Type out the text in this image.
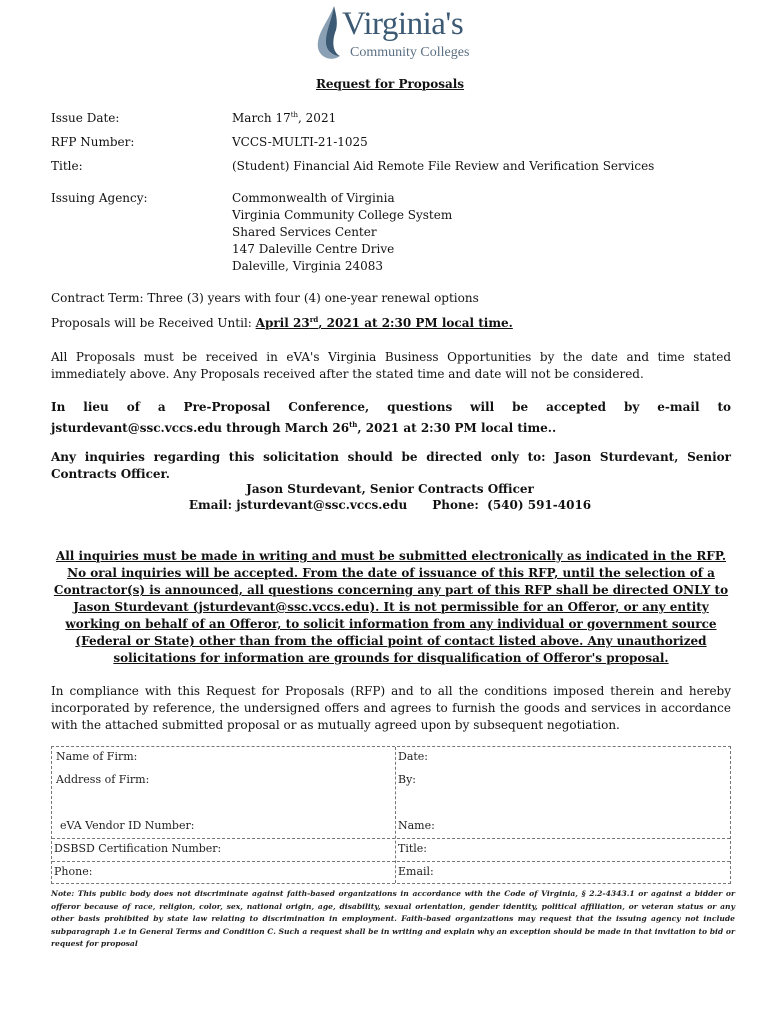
Virginia's
Community Colleges
Request for Proposals
Issue Date:	March 17th, 2021
RFP Number:	VCCS-MULTI-21-1025
Title:	(Student) Financial Aid Remote File Review and Verification Services
Issuing Agency:	Commonwealth of Virginia
Virginia Community College System
Shared Services Center
147 Daleville Centre Drive
Daleville, Virginia 24083
Contract Term: Three (3) years with four (4) one-year renewal options
Proposals will be Received Until: April 23rd, 2021 at 2:30 PM local time.
All Proposals must be received in eVA's Virginia Business Opportunities by the date and time stated immediately above. Any Proposals received after the stated time and date will not be considered.
In lieu of a Pre-Proposal Conference, questions will be accepted by e-mail to jsturdevant@ssc.vccs.edu through March 26th, 2021 at 2:30 PM local time..
Any inquiries regarding this solicitation should be directed only to: Jason Sturdevant, Senior Contracts Officer.
Jason Sturdevant, Senior Contracts Officer
Email: jsturdevant@ssc.vccs.edu      Phone:  (540) 591-4016
All inquiries must be made in writing and must be submitted electronically as indicated in the RFP. No oral inquiries will be accepted. From the date of issuance of this RFP, until the selection of a Contractor(s) is announced, all questions concerning any part of this RFP shall be directed ONLY to Jason Sturdevant (jsturdevant@ssc.vccs.edu). It is not permissible for an Offeror, or any entity working on behalf of an Offeror, to solicit information from any individual or government source (Federal or State) other than from the official point of contact listed above. Any unauthorized solicitations for information are grounds for disqualification of Offeror's proposal.
In compliance with this Request for Proposals (RFP) and to all the conditions imposed therein and hereby incorporated by reference, the undersigned offers and agrees to furnish the goods and services in accordance with the attached submitted proposal or as mutually agreed upon by subsequent negotiation.
Name of Firm:	Date:
Address of Firm:	By:
eVA Vendor ID Number:	Name:
DSBSD Certification Number:	Title:
Phone:	Email:
Note: This public body does not discriminate against faith-based organizations in accordance with the Code of Virginia, § 2.2-4343.1 or against a bidder or offeror because of race, religion, color, sex, national origin, age, disability, sexual orientation, gender identity, political affiliation, or veteran status or any other basis prohibited by state law relating to discrimination in employment. Faith-based organizations may request that the issuing agency not include subparagraph 1.e in General Terms and Condition C. Such a request shall be in writing and explain why an exception should be made in that invitation to bid or request for proposal
